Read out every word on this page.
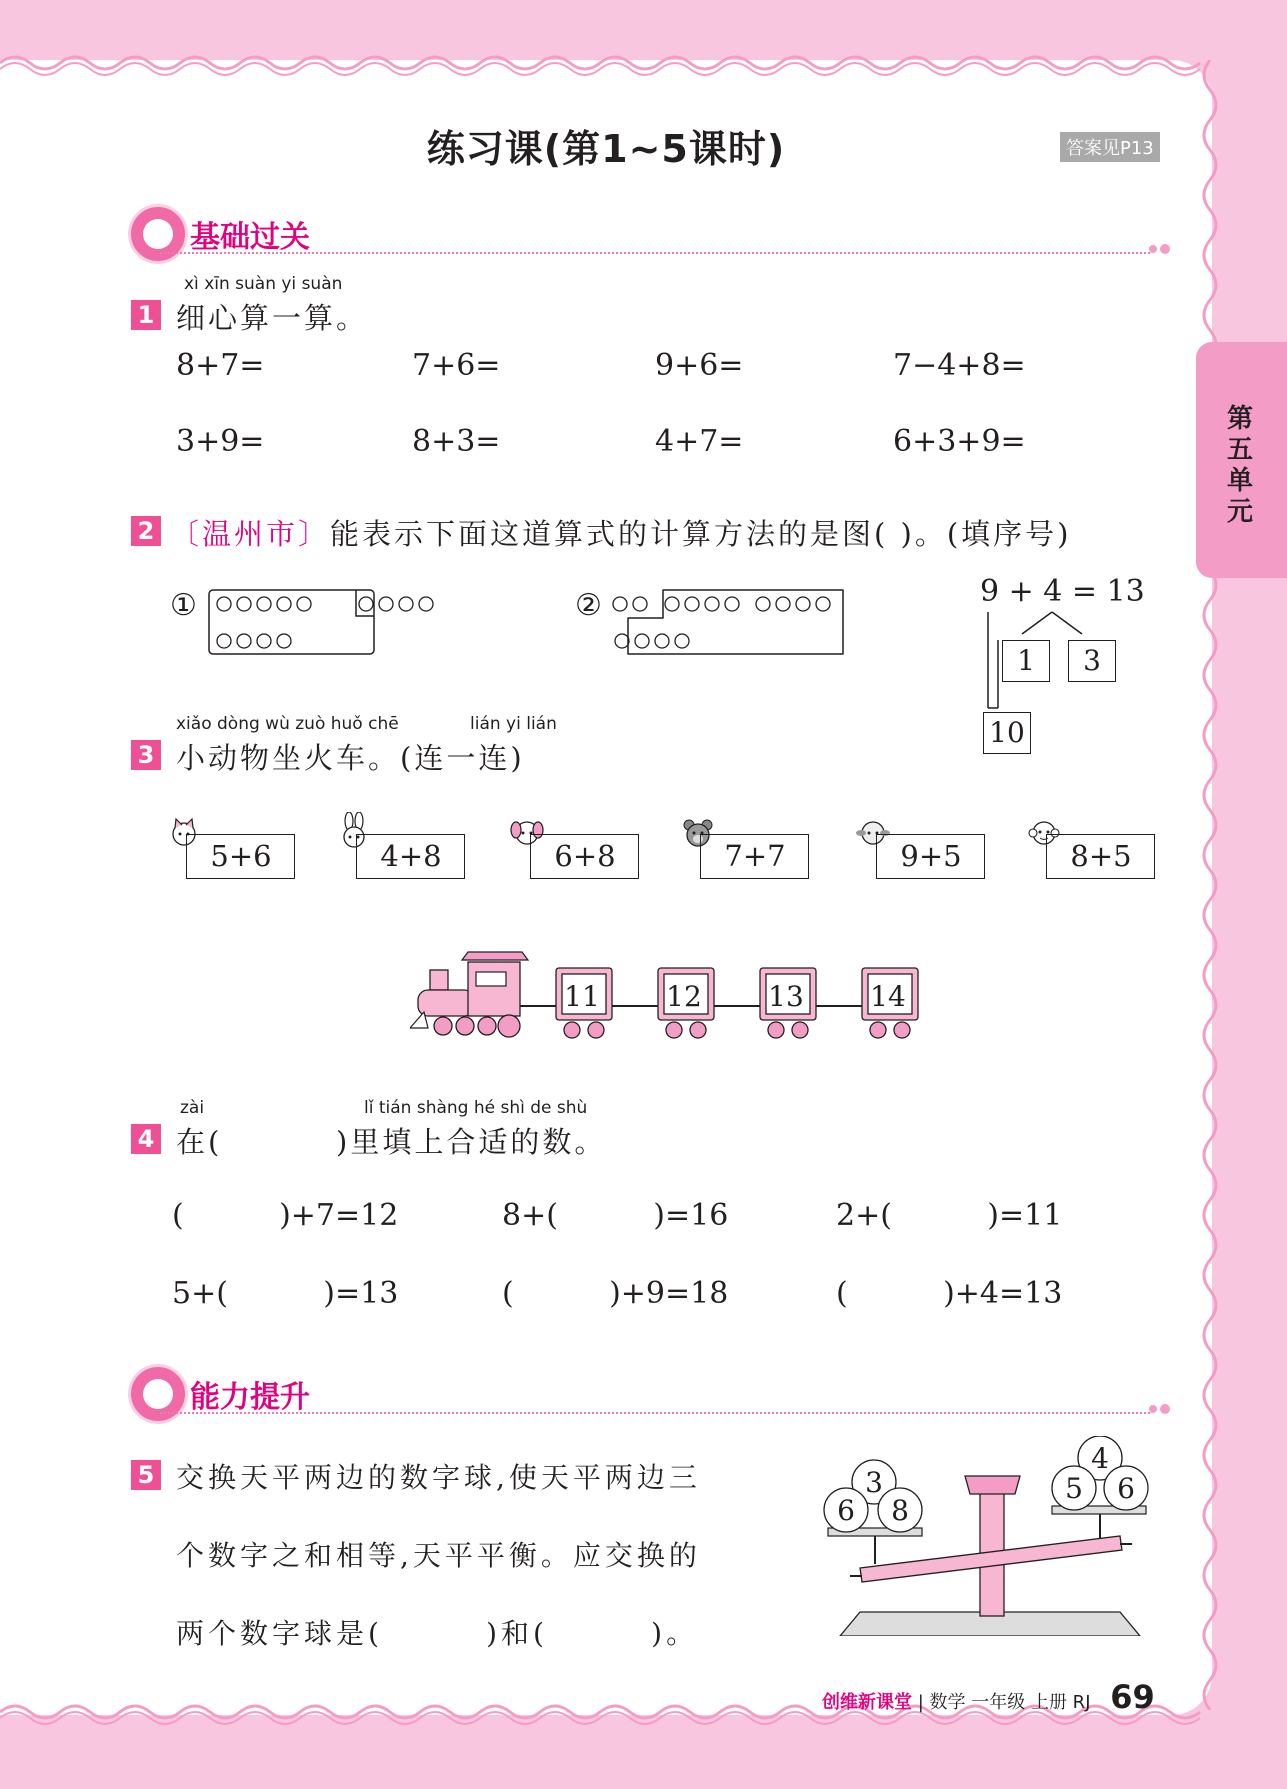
练习课(第1~5课时)	答案见P13
第五单元
基础过关
xì xīn suàn yi suàn
1 细心算一算。
8+7=	7+6=	9+6=	7−4+8=
3+9=	8+3=	4+7=	6+3+9=
2 〔温州市〕能表示下面这道算式的计算方法的是图( )。(填序号)
①	②	9 + 4 = 13
1	3
10
xiǎo dòng wù zuò huǒ chē	lián yi lián
3 小动物坐火车。(连一连)
5+6	4+8	6+8	7+7	9+5	8+5
11 12 13 14
zài	lǐ tián shàng hé shì de shù
4 在(	)里填上合适的数。
(          )+7=12	8+(          )=16	2+(          )=11
5+(          )=13	(          )+9=18	(          )+4=13
能力提升
5 交换天平两边的数字球,使天平两边三
个数字之和相等,天平平衡。应交换的
两个数字球是(        )和(        )。
3
6	8
4
5	6
创维新课堂 | 数学 一年级 上册 RJ 69
